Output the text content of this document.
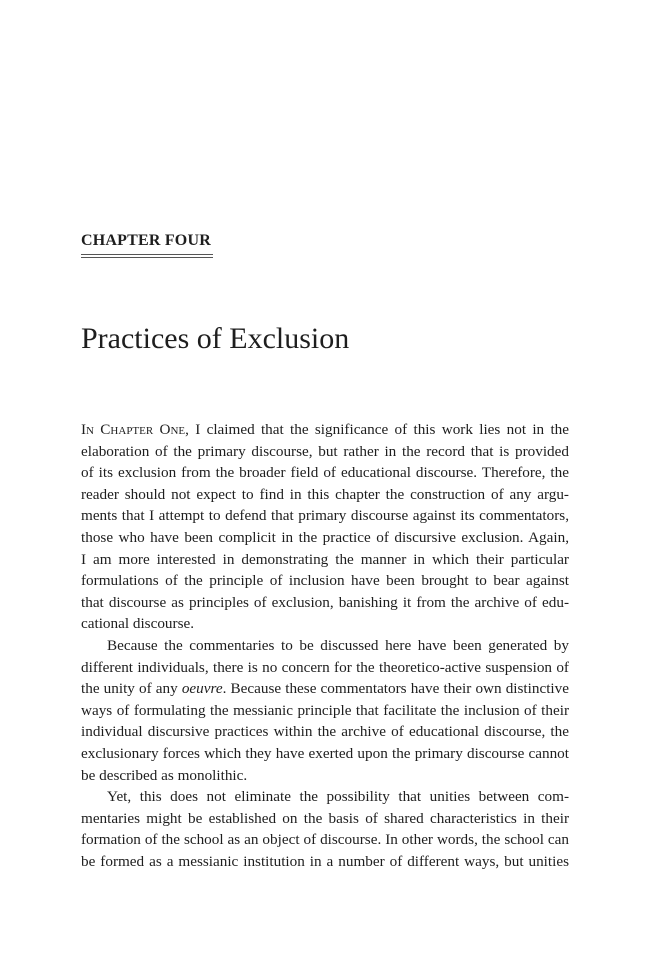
CHAPTER FOUR
Practices of Exclusion
In Chapter One, I claimed that the significance of this work lies not in the
elaboration of the primary discourse, but rather in the record that is provided
of its exclusion from the broader field of educational discourse. Therefore, the
reader should not expect to find in this chapter the construction of any argu-
ments that I attempt to defend that primary discourse against its commentators,
those who have been complicit in the practice of discursive exclusion. Again,
I am more interested in demonstrating the manner in which their particular
formulations of the principle of inclusion have been brought to bear against
that discourse as principles of exclusion, banishing it from the archive of edu-
cational discourse.
Because the commentaries to be discussed here have been generated by
different individuals, there is no concern for the theoretico-active suspension of
the unity of any oeuvre. Because these commentators have their own distinctive
ways of formulating the messianic principle that facilitate the inclusion of their
individual discursive practices within the archive of educational discourse, the
exclusionary forces which they have exerted upon the primary discourse cannot
be described as monolithic.
Yet, this does not eliminate the possibility that unities between com-
mentaries might be established on the basis of shared characteristics in their
formation of the school as an object of discourse. In other words, the school can
be formed as a messianic institution in a number of different ways, but unities
